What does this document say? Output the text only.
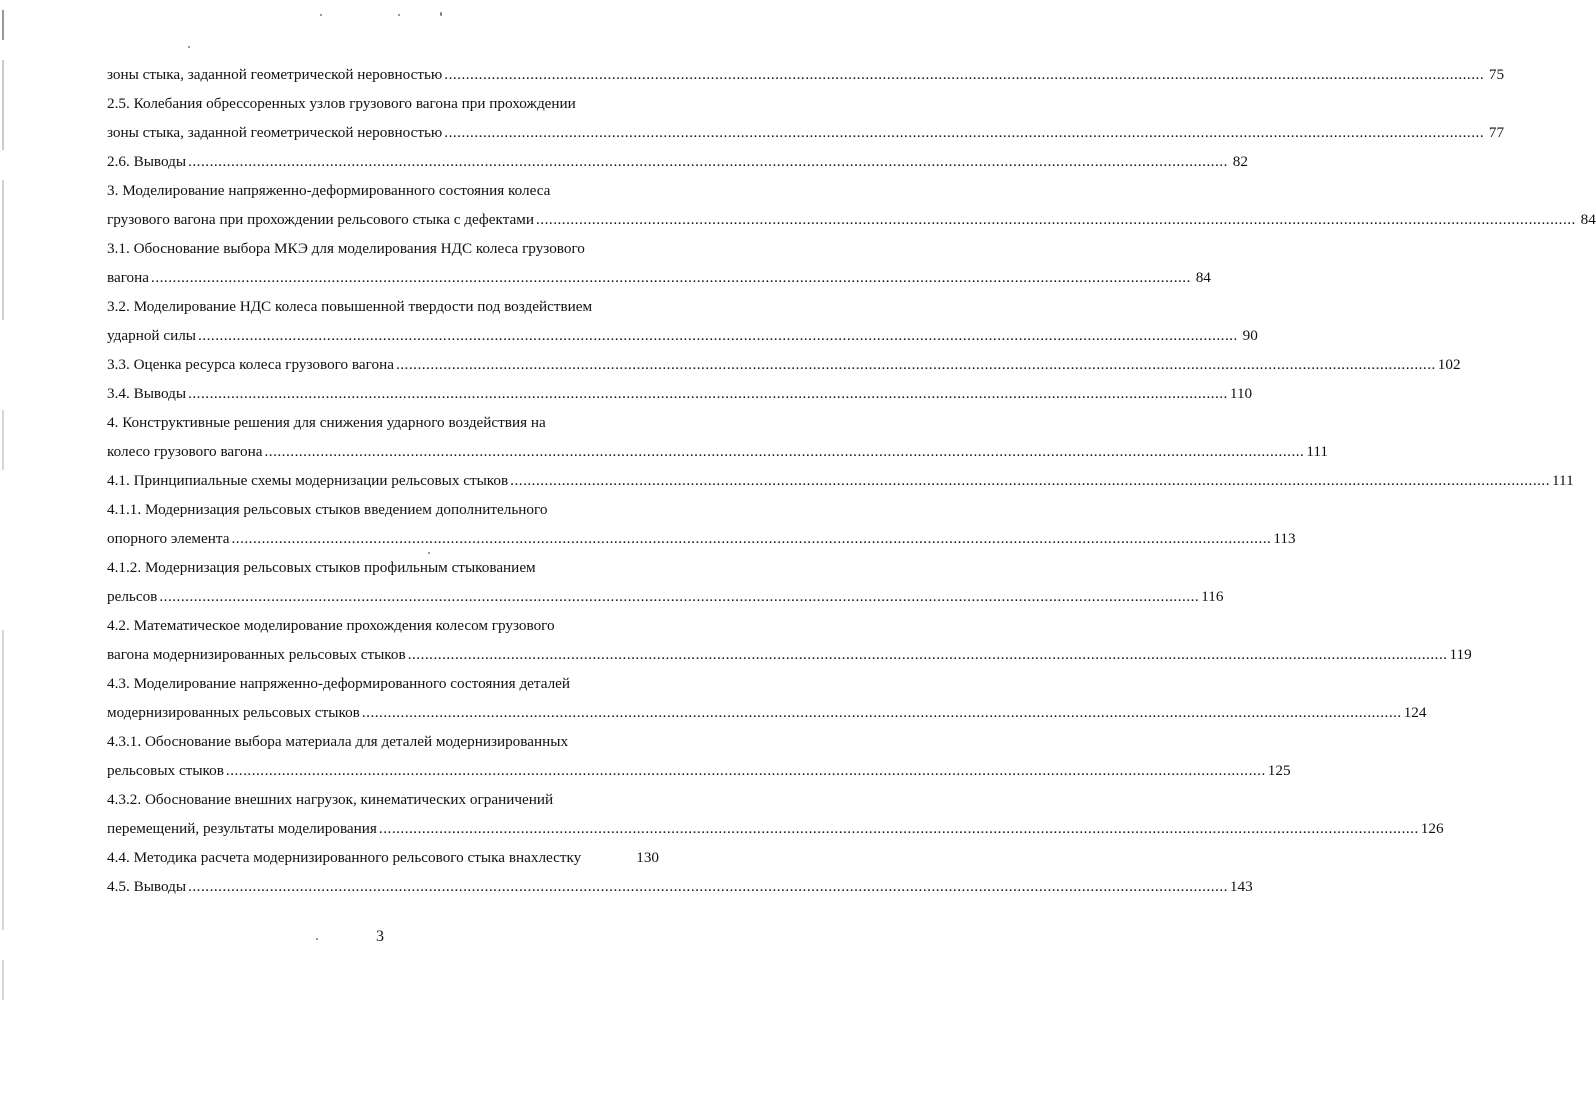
зоны стыка, заданной геометрической неровностью .....	75
2.5. Колебания обрессоренных узлов грузового вагона при прохождении
зоны стыка, заданной геометрической неровностью .....	77
2.6. Выводы .....	82
3. Моделирование напряженно-деформированного состояния колеса
грузового вагона при прохождении рельсового стыка с дефектами .....	84
3.1. Обоснование выбора МКЭ для моделирования НДС колеса грузового
вагона .....	84
3.2. Моделирование НДС колеса повышенной твердости под воздействием
ударной силы .....	90
3.3. Оценка ресурса колеса грузового вагона .....	102
3.4. Выводы .....	110
4. Конструктивные решения для снижения ударного воздействия на
колесо грузового вагона .....	111
4.1. Принципиальные схемы модернизации рельсовых стыков .....	111
4.1.1. Модернизация рельсовых стыков введением дополнительного
опорного элемента .....	113
4.1.2. Модернизация рельсовых стыков профильным стыкованием
рельсов .....	116
4.2. Математическое моделирование прохождения колесом грузового
вагона модернизированных рельсовых стыков .....	119
4.3. Моделирование напряженно-деформированного состояния деталей
модернизированных рельсовых стыков .....	124
4.3.1. Обоснование выбора материала для деталей модернизированных
рельсовых стыков .....	125
4.3.2. Обоснование внешних нагрузок, кинематических ограничений
перемещений, результаты моделирования .....	126
4.4. Методика расчета модернизированного рельсового стыка внахлестку	130
4.5. Выводы .....	143
3
